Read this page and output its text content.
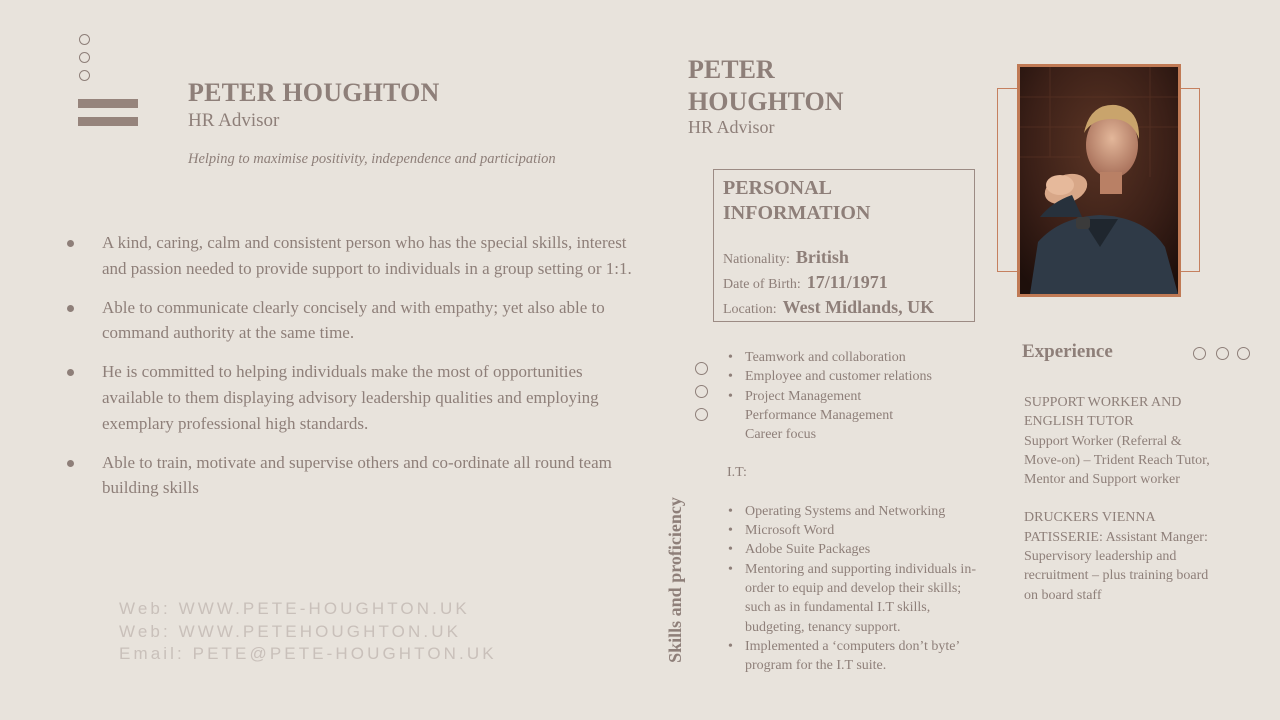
PETER HOUGHTON
HR Advisor
Helping to maximise positivity, independence and participation
A kind, caring, calm and consistent person who has the special skills, interest and passion needed to provide support to individuals in a group setting or 1:1.
Able to communicate clearly concisely and with empathy; yet also able to command authority at the same time.
He is committed to helping individuals make the most of opportunities available to them displaying advisory leadership qualities and employing exemplary professional high standards.
Able to train, motivate and supervise others and co-ordinate all round team building skills
Web: WWW.PETE-HOUGHTON.UK
Web: WWW.PETEHOUGHTON.UK
Email: PETE@PETE-HOUGHTON.UK
PETER HOUGHTON
HR Advisor
PERSONAL INFORMATION
Nationality: British
Date of Birth: 17/11/1971
Location: West Midlands, UK
Skills and proficiency
• Teamwork and collaboration
• Employee and customer relations
• Project Management
Performance Management
Career focus
I.T:
• Operating Systems and Networking
• Microsoft Word
• Adobe Suite Packages
• Mentoring and supporting individuals in-order to equip and develop their skills; such as in fundamental I.T skills, budgeting, tenancy support.
• Implemented a ‘computers don’t byte’ program for the I.T suite.
Experience

SUPPORT WORKER AND ENGLISH TUTOR

Support Worker (Referral & Move-on) – Trident Reach Tutor, Mentor and Support worker

DRUCKERS VIENNA PATISSERIE: Assistant Manger: Supervisory leadership and recruitment – plus training board on board staff
